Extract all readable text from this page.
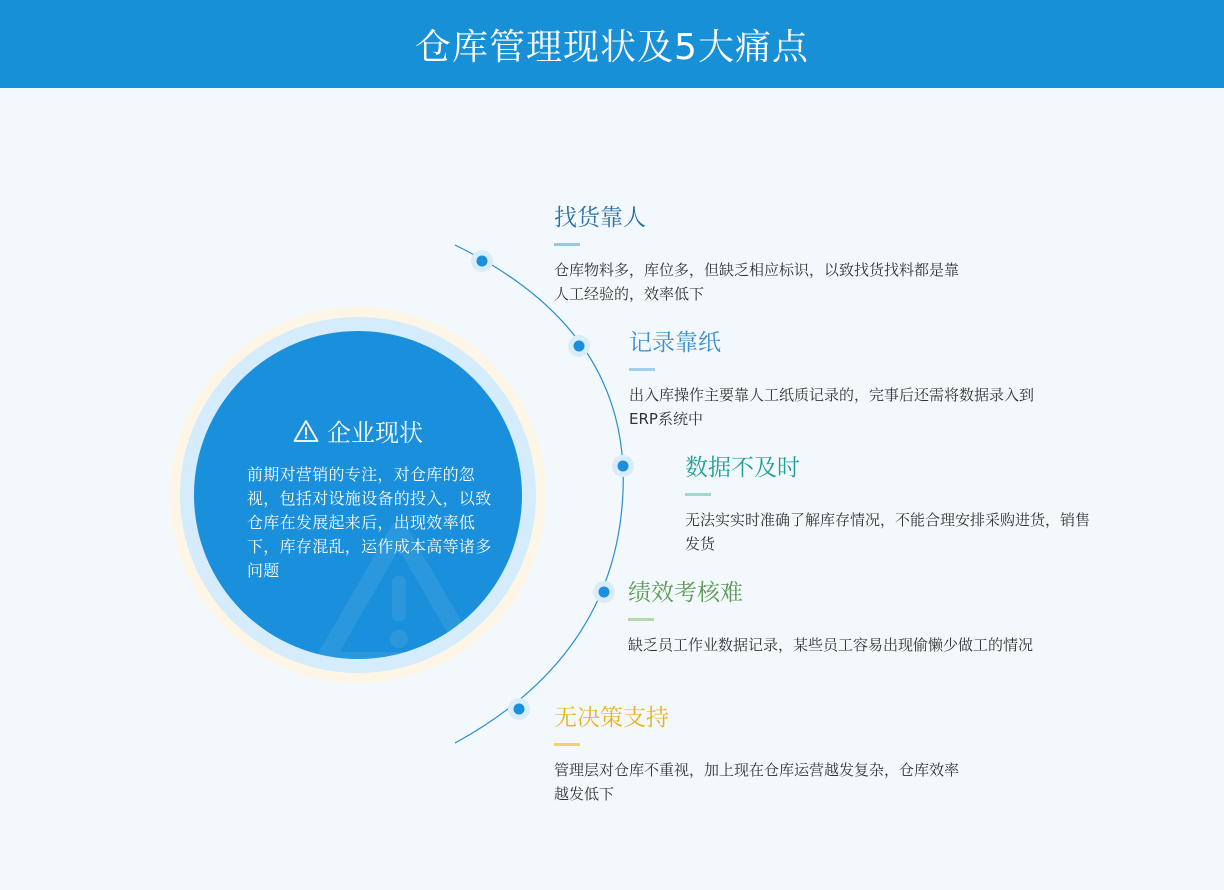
仓库管理现状及5大痛点
企业现状
前期对营销的专注，对仓库的忽视，包括对设施设备的投入，以致仓库在发展起来后，出现效率低下，库存混乱，运作成本高等诸多问题
找货靠人

仓库物料多，库位多，但缺乏相应标识，以致找货找料都是靠人工经验的，效率低下

记录靠纸

出入库操作主要靠人工纸质记录的，完事后还需将数据录入到ERP系统中

数据不及时

无法实实时准确了解库存情况，不能合理安排采购进货，销售发货

绩效考核难

缺乏员工作业数据记录，某些员工容易出现偷懒少做工的情况

无决策支持

管理层对仓库不重视，加上现在仓库运营越发复杂，仓库效率越发低下
